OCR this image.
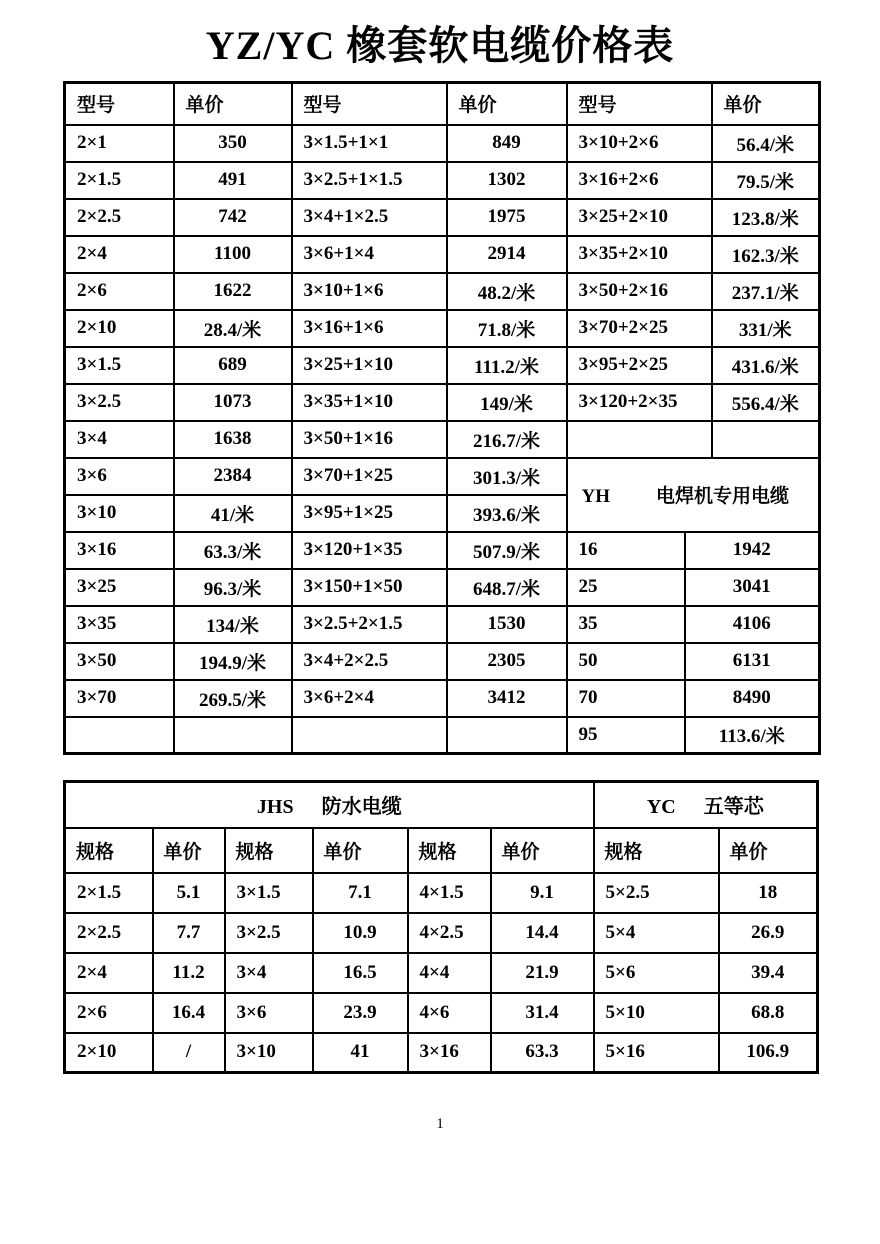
YZ/YC 橡套软电缆价格表
型号	单价	型号	单价	型号		单价
2×1	350	3×1.5+1×1	849	3×10+2×6		56.4/米
2×1.5	491	3×2.5+1×1.5	1302	3×16+2×6		79.5/米
2×2.5	742	3×4+1×2.5	1975	3×25+2×10		123.8/米
2×4	1100	3×6+1×4	2914	3×35+2×10		162.3/米
2×6	1622	3×10+1×6	48.2/米	3×50+2×16		237.1/米
2×10	28.4/米	3×16+1×6	71.8/米	3×70+2×25		331/米
3×1.5	689	3×25+1×10	111.2/米	3×95+2×25		431.6/米
3×2.5	1073	3×35+1×10	149/米	3×120+2×35		556.4/米
3×4	1638	3×50+1×16	216.7/米			
3×6	2384	3×70+1×25	301.3/米	YH 电焊机专用电缆		
3×10	41/米	3×95+1×25	393.6/米			
3×16	63.3/米	3×120+1×35	507.9/米	16	1942	
3×25	96.3/米	3×150+1×50	648.7/米	25	3041	
3×35	134/米	3×2.5+2×1.5	1530	35	4106	
3×50	194.9/米	3×4+2×2.5	2305	50	6131	
3×70	269.5/米	3×6+2×4	3412	70	8490	
				95	113.6/米	
JHS 防水电缆						YC 五等芯	
规格	单价	规格	单价	规格	单价	规格	单价
2×1.5	5.1	3×1.5	7.1	4×1.5	9.1	5×2.5	18
2×2.5	7.7	3×2.5	10.9	4×2.5	14.4	5×4	26.9
2×4	11.2	3×4	16.5	4×4	21.9	5×6	39.4
2×6	16.4	3×6	23.9	4×6	31.4	5×10	68.8
2×10	/	3×10	41	3×16	63.3	5×16	106.9
1
